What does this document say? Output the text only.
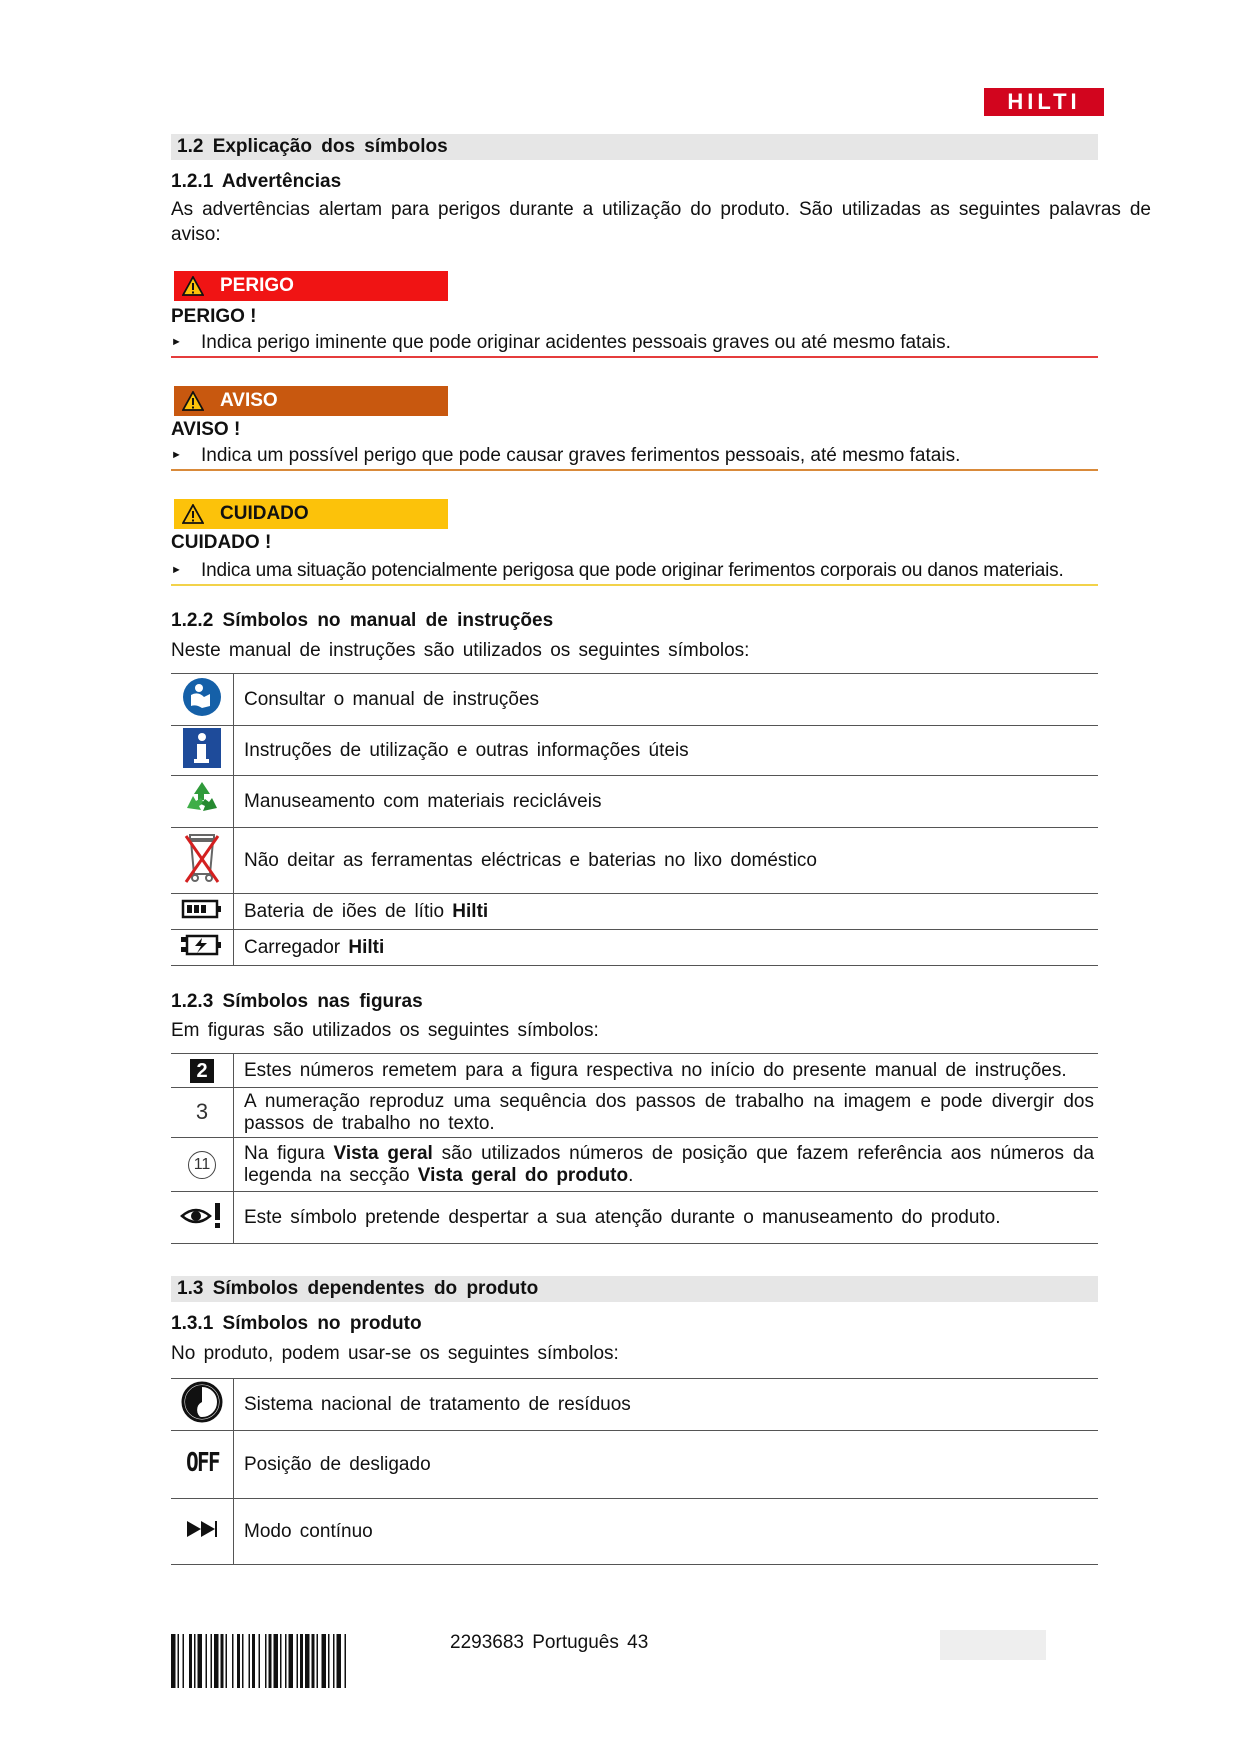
HILTI
1.2 Explicação dos símbolos
1.2.1 Advertências
As advertências alertam para perigos durante a utilização do produto. São utilizadas as seguintes palavras de aviso:
PERIGO
PERIGO !
► Indica perigo iminente que pode originar acidentes pessoais graves ou até mesmo fatais.
AVISO
AVISO !
► Indica um possível perigo que pode causar graves ferimentos pessoais, até mesmo fatais.
CUIDADO
CUIDADO !
► Indica uma situação potencialmente perigosa que pode originar ferimentos corporais ou danos materiais.
1.2.2 Símbolos no manual de instruções
Neste manual de instruções são utilizados os seguintes símbolos:
	Consultar o manual de instruções
	Instruções de utilização e outras informações úteis
	Manuseamento com materiais recicláveis
	Não deitar as ferramentas eléctricas e baterias no lixo doméstico
	Bateria de iões de lítio Hilti
	Carregador Hilti
1.2.3 Símbolos nas figuras
Em figuras são utilizados os seguintes símbolos:
2	Estes números remetem para a figura respectiva no início do presente manual de instruções.
3	A numeração reproduz uma sequência dos passos de trabalho na imagem e pode divergir dos passos de trabalho no texto.
11	Na figura Vista geral são utilizados números de posição que fazem referência aos números da legenda na secção Vista geral do produto.
	Este símbolo pretende despertar a sua atenção durante o manuseamento do produto.
1.3 Símbolos dependentes do produto
1.3.1 Símbolos no produto
No produto, podem usar-se os seguintes símbolos:
	Sistema nacional de tratamento de resíduos
OFF	Posição de desligado
	Modo contínuo
2293683 Português 43
